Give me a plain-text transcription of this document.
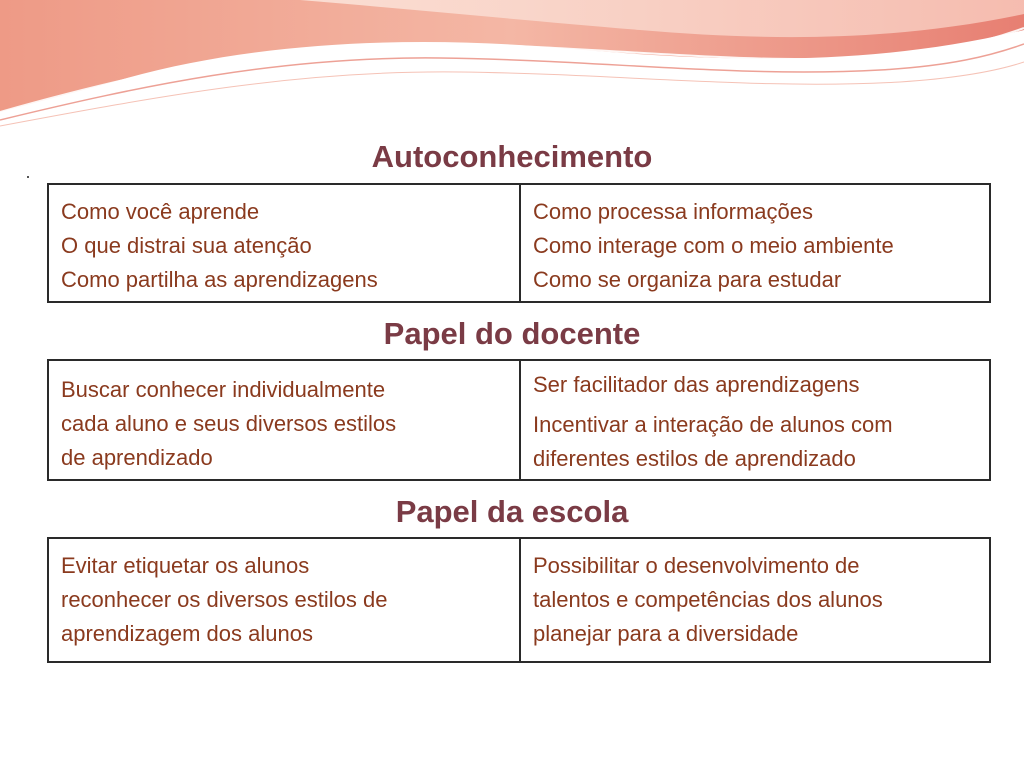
Autoconhecimento
Como você aprende
O que distrai sua atenção
Como partilha as aprendizagens
Como processa informações
Como interage com o meio ambiente
Como se organiza para estudar
Papel do docente
Buscar conhecer individualmente
cada aluno e seus diversos estilos
de aprendizado
Ser facilitador das aprendizagens
Incentivar a interação de alunos com
diferentes estilos de aprendizado
Papel da escola
Evitar etiquetar os alunos
reconhecer os diversos estilos de
aprendizagem dos alunos
Possibilitar o desenvolvimento de
talentos e competências dos alunos
planejar para a diversidade
